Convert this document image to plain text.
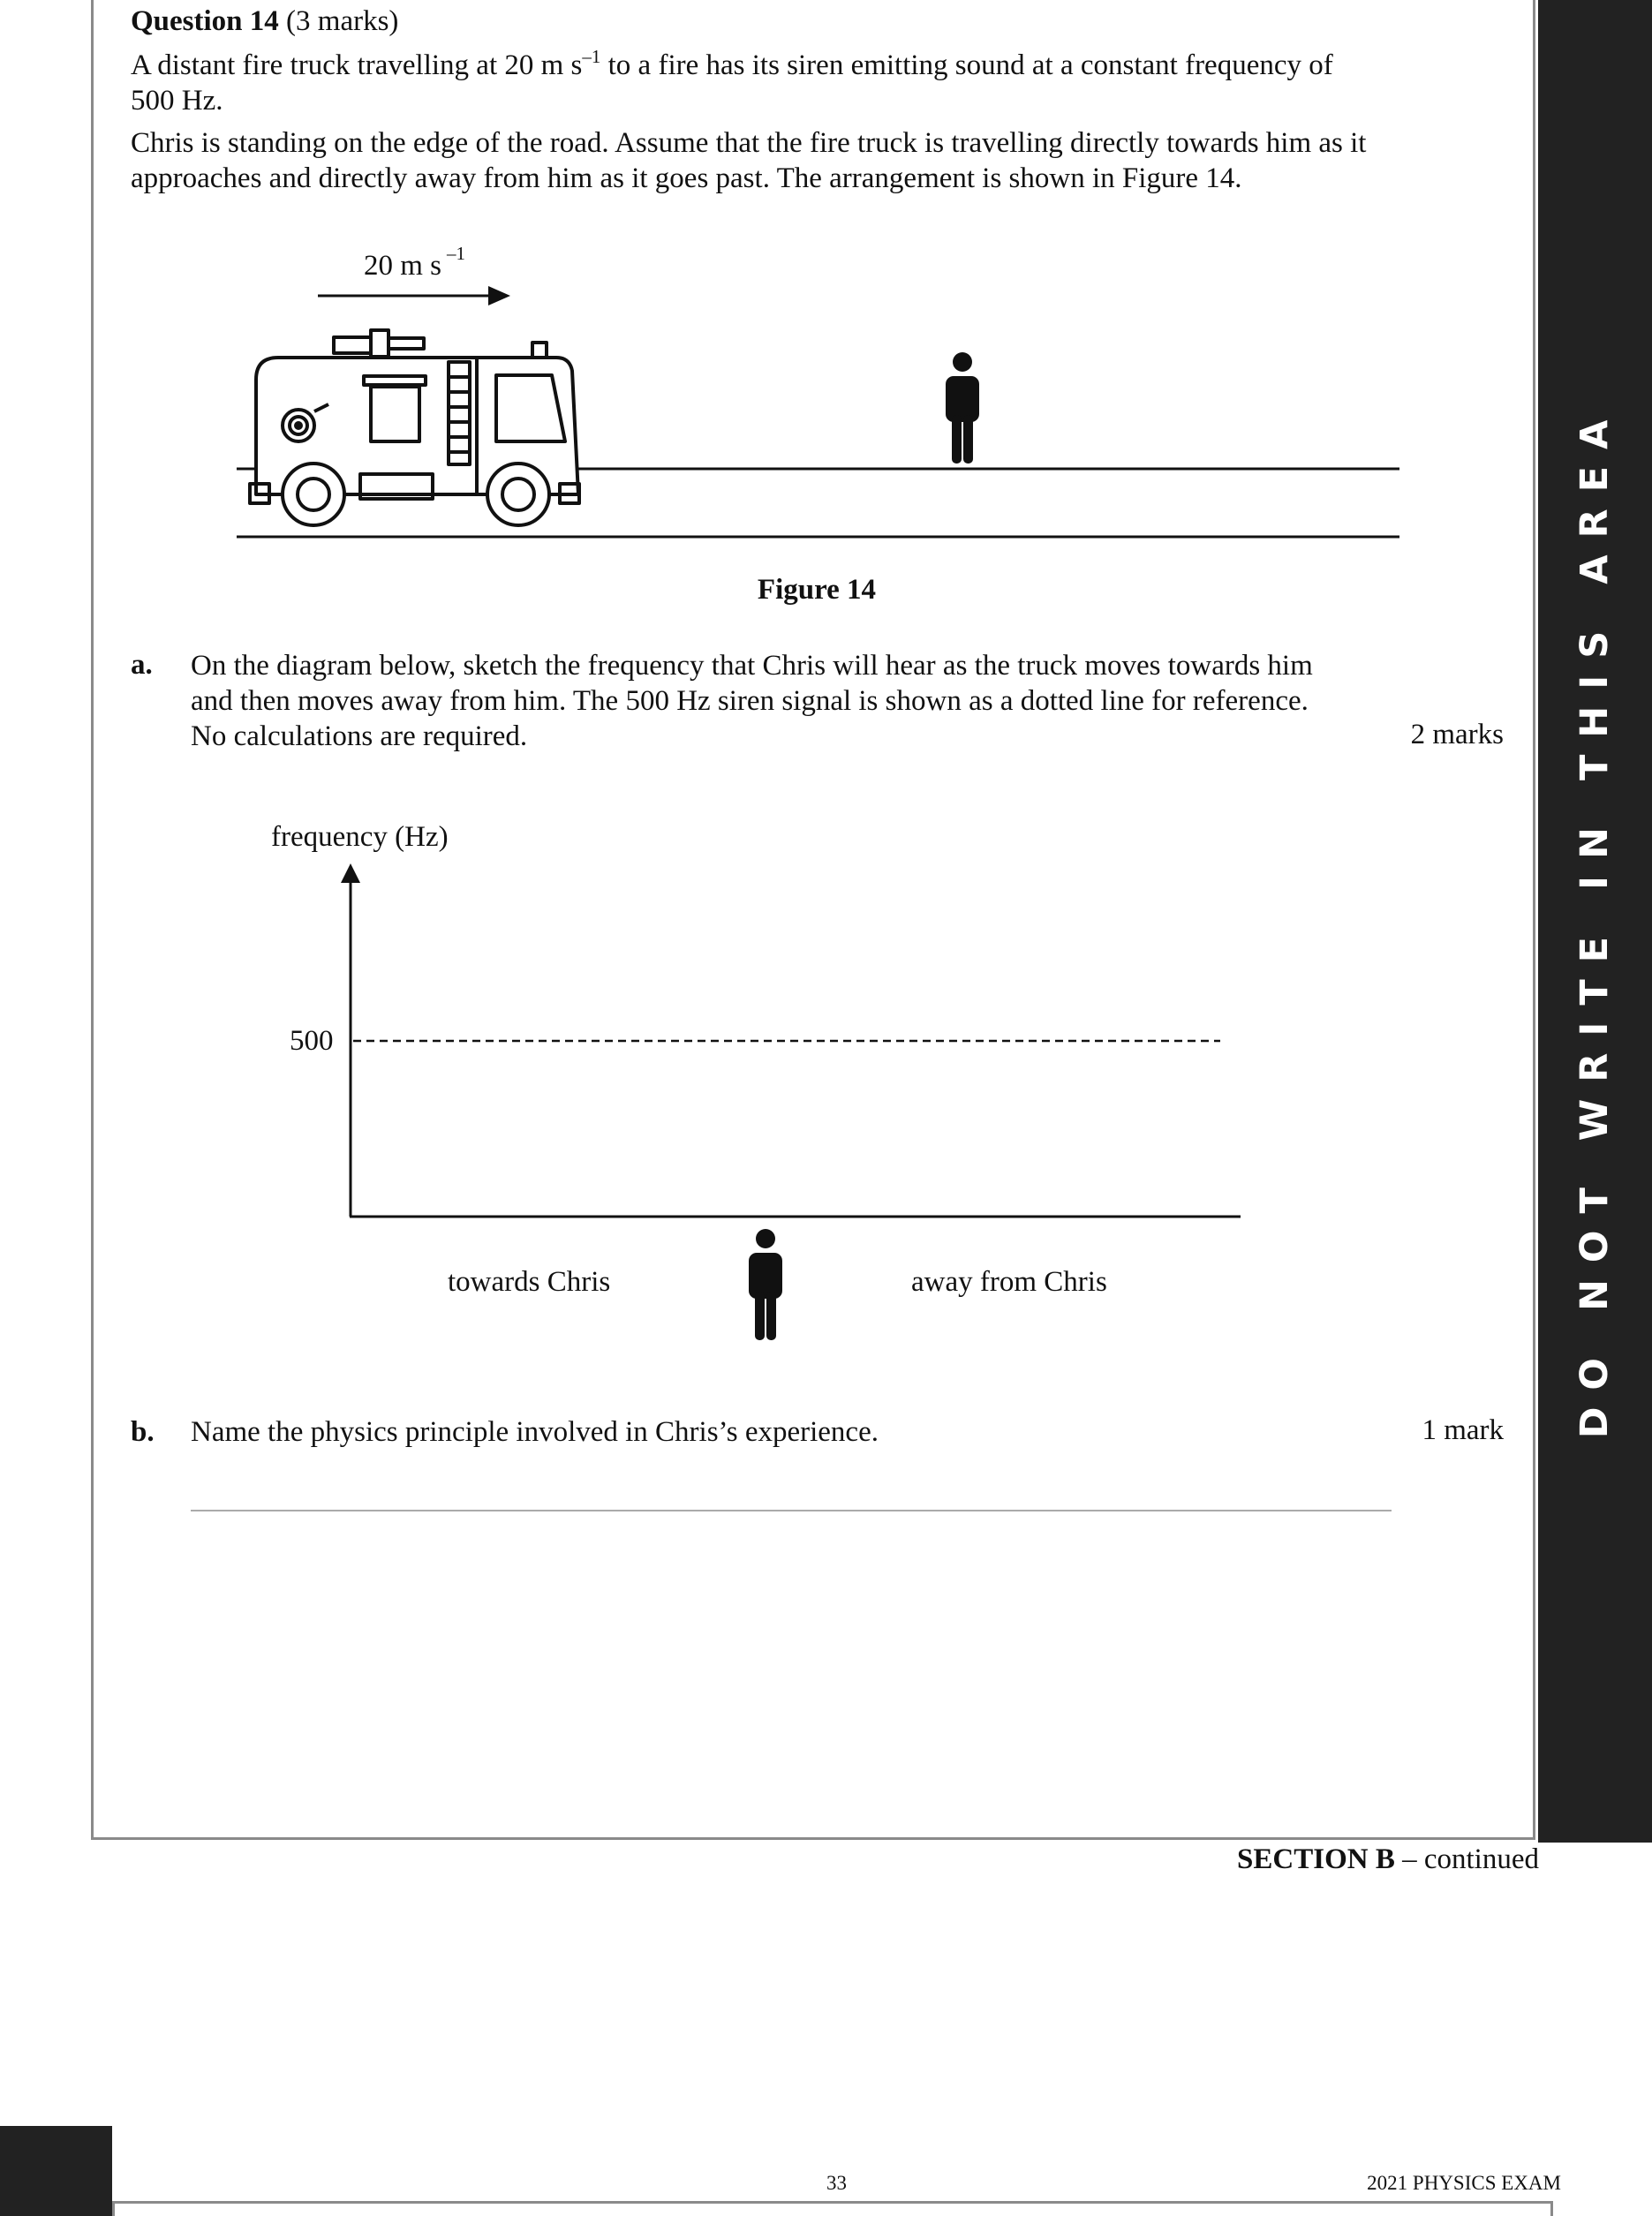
DO NOT WRITE IN THIS AREA
Question 14 (3 marks)
A distant fire truck travelling at 20 m $s^{-1}$ to a fire has its siren emitting sound at a constant frequency of
500 Hz.
Chris is standing on the edge of the road. Assume that the fire truck is travelling directly towards him as it
approaches and directly away from him as it goes past. The arrangement is shown in Figure 14.
20 m s –1
Figure 14
a. On the diagram below, sketch the frequency that Chris will hear as the truck moves towards him
and then moves away from him. The 500 Hz siren signal is shown as a dotted line for reference.
No calculations are required.	2 marks
frequency (Hz)
500
towards Chris	away from Chris
b. Name the physics principle involved in Chris’s experience.	1 mark
SECTION B – continued
33	2021 PHYSICS EXAM
